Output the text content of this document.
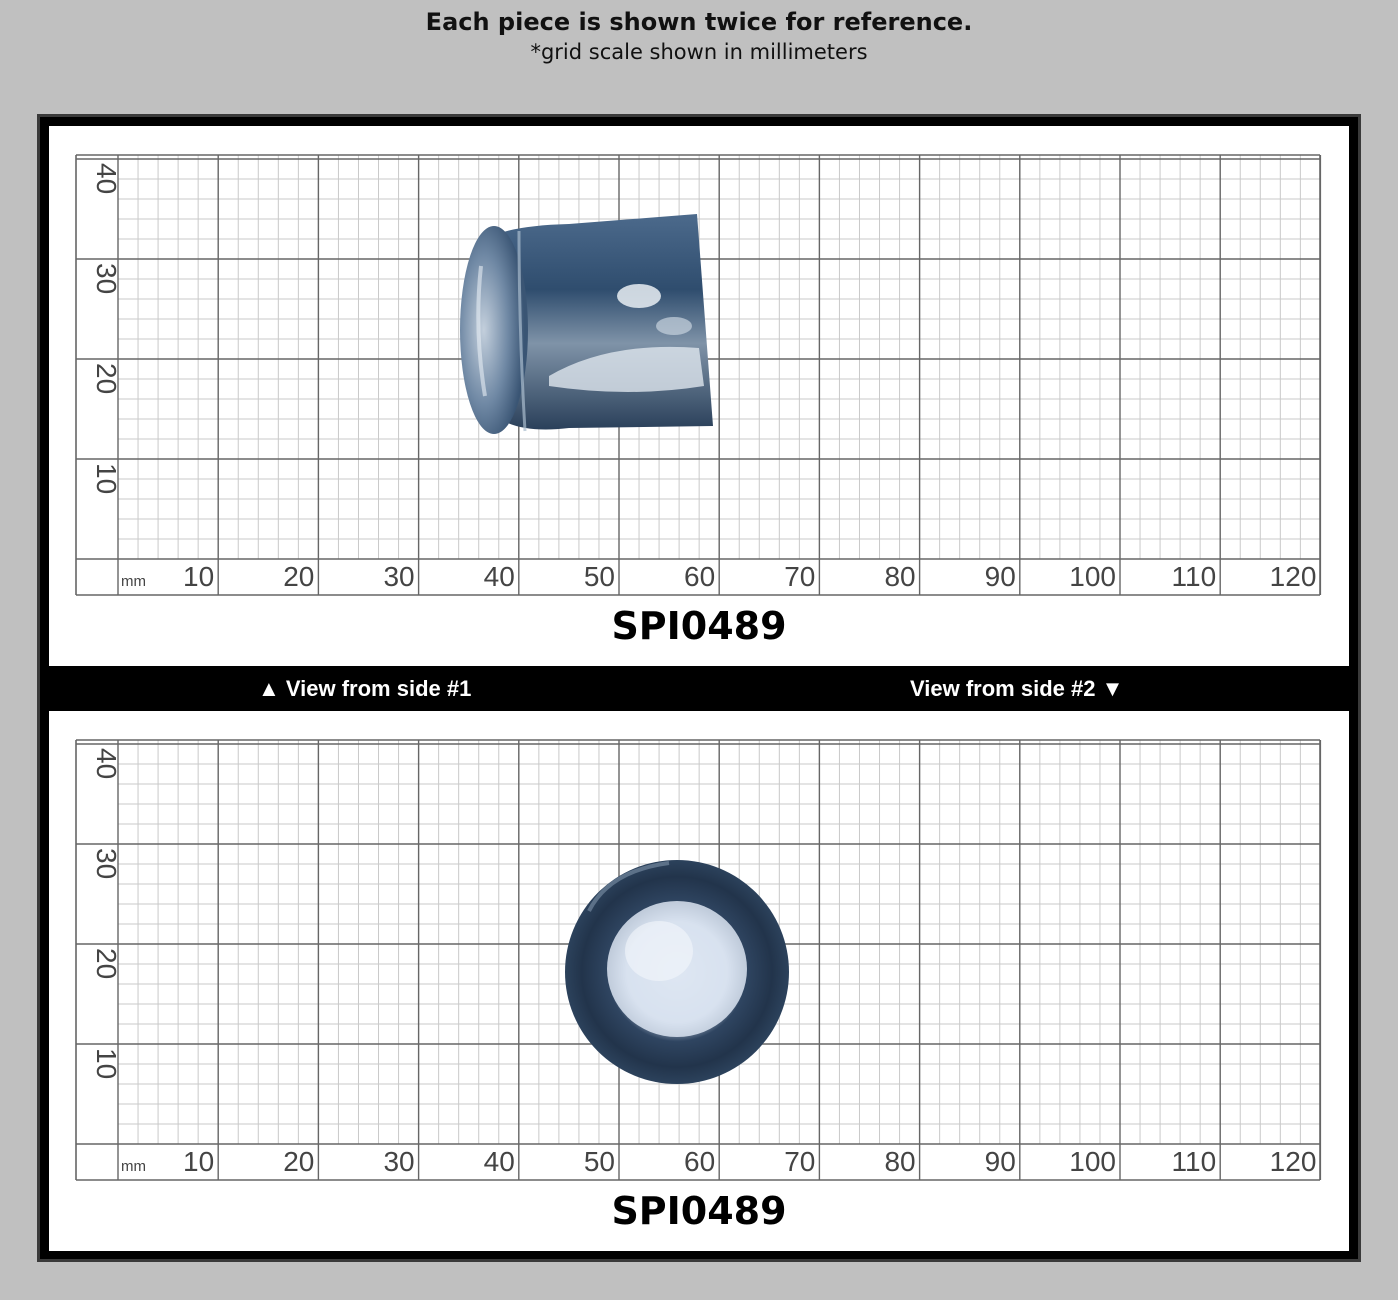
Each piece is shown twice for reference.
*grid scale shown in millimeters
10 20 30 40 50 60 70 80 90 100 110 120
10
20
30
40
mm
SPI0489
▲ View from side #1	View from side #2 ▼
10 20 30 40 50 60 70 80 90 100 110 120
10
20
30
40
mm
SPI0489
